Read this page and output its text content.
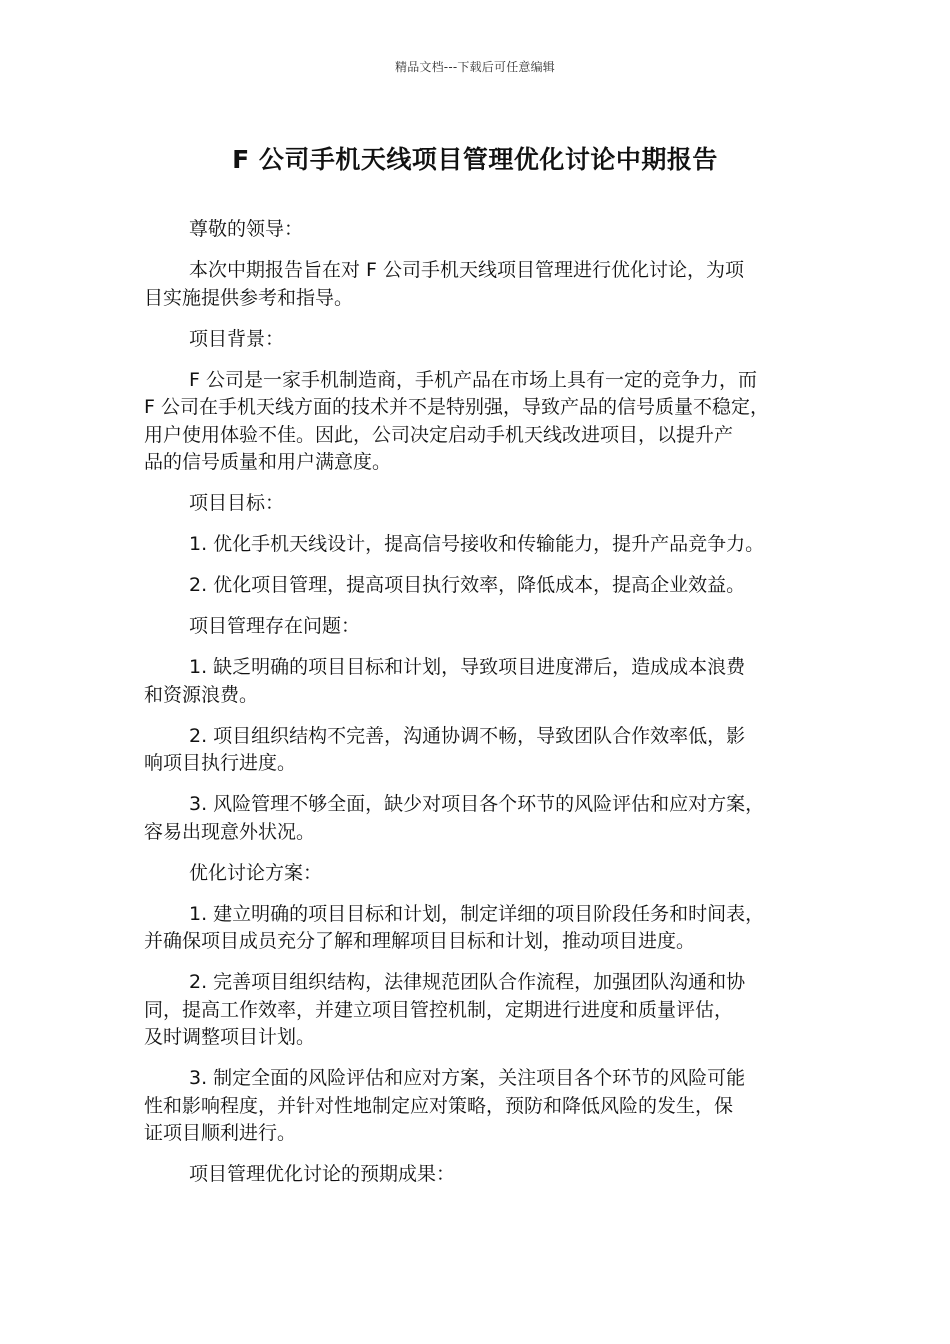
精品文档---下载后可任意编辑
F 公司手机天线项目管理优化讨论中期报告

尊敬的领导：

本次中期报告旨在对 F 公司手机天线项目管理进行优化讨论，为项
目实施提供参考和指导。

项目背景：

F 公司是一家手机制造商，手机产品在市场上具有一定的竞争力，而
F 公司在手机天线方面的技术并不是特别强，导致产品的信号质量不稳定，
用户使用体验不佳。因此，公司决定启动手机天线改进项目，以提升产
品的信号质量和用户满意度。

项目目标：

1. 优化手机天线设计，提高信号接收和传输能力，提升产品竞争力。

2. 优化项目管理，提高项目执行效率，降低成本，提高企业效益。

项目管理存在问题：

1. 缺乏明确的项目目标和计划，导致项目进度滞后，造成成本浪费
和资源浪费。

2. 项目组织结构不完善，沟通协调不畅，导致团队合作效率低，影
响项目执行进度。

3. 风险管理不够全面，缺少对项目各个环节的风险评估和应对方案，
容易出现意外状况。

优化讨论方案：

1. 建立明确的项目目标和计划，制定详细的项目阶段任务和时间表，
并确保项目成员充分了解和理解项目目标和计划，推动项目进度。

2. 完善项目组织结构，法律规范团队合作流程，加强团队沟通和协
同，提高工作效率，并建立项目管控机制，定期进行进度和质量评估，
及时调整项目计划。

3. 制定全面的风险评估和应对方案，关注项目各个环节的风险可能
性和影响程度，并针对性地制定应对策略，预防和降低风险的发生，保
证项目顺利进行。

项目管理优化讨论的预期成果：
